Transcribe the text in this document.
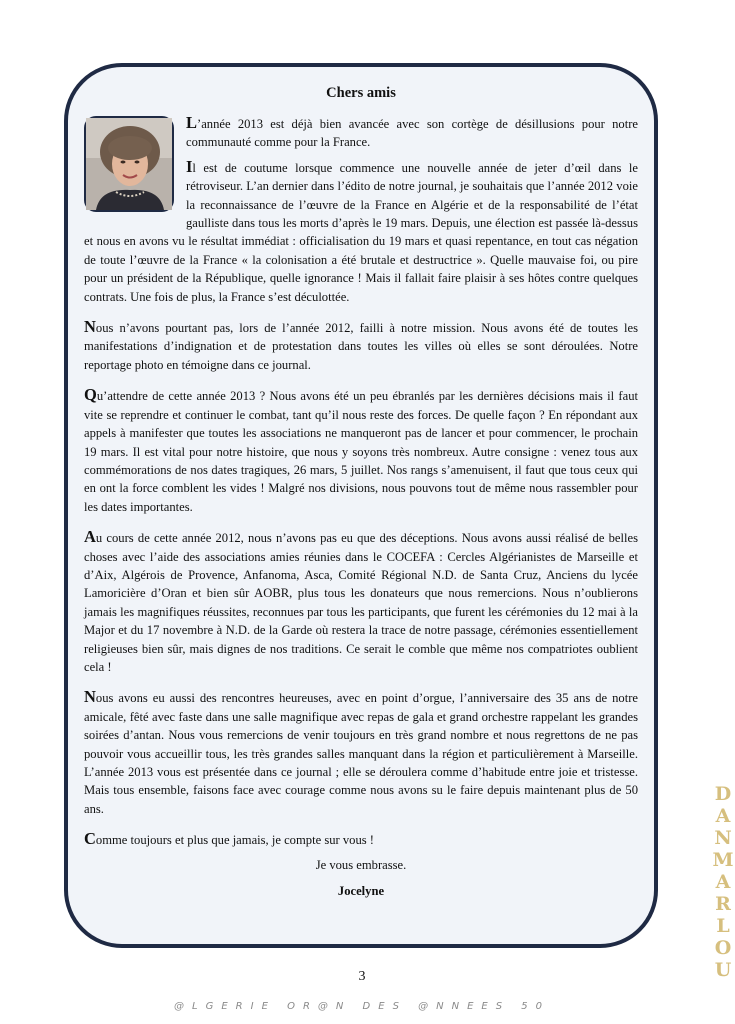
Chers amis

L’année 2013 est déjà bien avancée avec son cortège de désillusions pour notre communauté comme pour la France.

Il est de coutume lorsque commence une nouvelle année de jeter d’œil dans le rétroviseur. L’an dernier dans l’édito de notre journal, je souhaitais que l’année 2012 voie la reconnaissance de l’œuvre de la France en Algérie et de la responsabilité de l’état gaulliste dans tous les morts d’après le 19 mars. Depuis, une élection est passée là-dessus et nous en avons vu le résultat immédiat : officialisation du 19 mars et quasi repentance, en tout cas négation de toute l’œuvre de la France « la colonisation a été brutale et destructrice ». Quelle mauvaise foi, ou pire pour un président de la République, quelle ignorance ! Mais il fallait faire plaisir à ses hôtes contre quelques contrats. Une fois de plus, la France s’est déculottée.

Nous n’avons pourtant pas, lors de l’année 2012, failli à notre mission. Nous avons été de toutes les manifestations d’indignation et de protestation dans toutes les villes où elles se sont déroulées. Notre reportage photo en témoigne dans ce journal.

Qu’attendre de cette année 2013 ? Nous avons été un peu ébranlés par les dernières décisions mais il faut vite se reprendre et continuer le combat, tant qu’il nous reste des forces. De quelle façon ? En répondant aux appels à manifester que toutes les associations ne manqueront pas de lancer et pour commencer, le prochain 19 mars. Il est vital pour notre histoire, que nous y soyons très nombreux. Autre consigne : venez tous aux commémorations de nos dates tragiques, 26 mars, 5 juillet. Nos rangs s’amenuisent, il faut que tous ceux qui en ont la force comblent les vides ! Malgré nos divisions, nous pouvons tout de même nous rassembler pour les dates importantes.

Au cours de cette année 2012, nous n’avons pas eu que des déceptions. Nous avons aussi réalisé de belles choses avec l’aide des associations amies réunies dans le COCEFA : Cercles Algérianistes de Marseille et d’Aix, Algérois de Provence, Anfanoma, Asca, Comité Régional N.D. de Santa Cruz, Anciens du lycée Lamoricière d’Oran et bien sûr AOBR, plus tous les donateurs que nous remercions. Nous n’oublierons jamais les magnifiques réussites, reconnues par tous les participants, que furent les cérémonies du 12 mai à la Major et du 17 novembre à N.D. de la Garde où restera la trace de notre passage, cérémonies essentiellement religieuses bien sûr, mais dignes de nos traditions. Ce serait le comble que même nos compatriotes oublient cela !

Nous avons eu aussi des rencontres heureuses, avec en point d’orgue, l’anniversaire des 35 ans de notre amicale, fêté avec faste dans une salle magnifique avec repas de gala et grand orchestre rappelant les grandes soirées d’antan. Nous vous remercions de venir toujours en très grand nombre et nous regrettons de ne pas pouvoir vous accueillir tous, les très grandes salles manquant dans la région et particulièrement à Marseille. L’année 2013 vous est présentée dans ce journal ; elle se déroulera comme d’habitude entre joie et tristesse. Mais tous ensemble, faisons face avec courage comme nous avons su le faire depuis maintenant plus de 50 ans.

Comme toujours et plus que jamais, je compte sur vous !

Je vous embrasse.
Jocelyne
3
@LGERIE OR@N DES @NNEES 50
DANMARLOU
